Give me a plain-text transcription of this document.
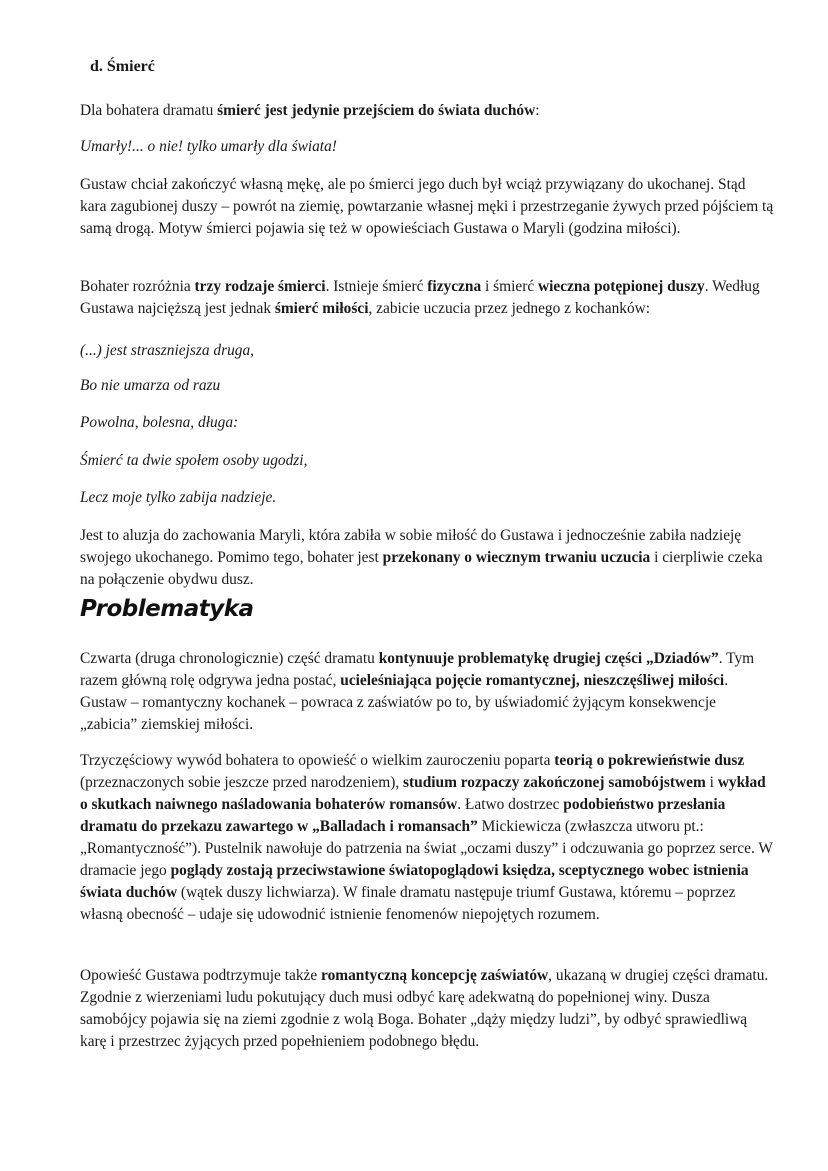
d. Śmierć

Dla bohatera dramatu śmierć jest jedynie przejściem do świata duchów:

Umarły!... o nie! tylko umarły dla świata!

Gustaw chciał zakończyć własną mękę, ale po śmierci jego duch był wciąż przywiązany do ukochanej. Stąd kara zagubionej duszy – powrót na ziemię, powtarzanie własnej męki i przestrzeganie żywych przed pójściem tą samą drogą. Motyw śmierci pojawia się też w opowieściach Gustawa o Maryli (godzina miłości).

Bohater rozróżnia trzy rodzaje śmierci. Istnieje śmierć fizyczna i śmierć wieczna potępionej duszy. Według Gustawa najcięższą jest jednak śmierć miłości, zabicie uczucia przez jednego z kochanków:

(...) jest straszniejsza druga,

Bo nie umarza od razu

Powolna, bolesna, długa:

Śmierć ta dwie społem osoby ugodzi,

Lecz moje tylko zabija nadzieje.

Jest to aluzja do zachowania Maryli, która zabiła w sobie miłość do Gustawa i jednocześnie zabiła nadzieję swojego ukochanego. Pomimo tego, bohater jest przekonany o wiecznym trwaniu uczucia i cierpliwie czeka na połączenie obydwu dusz.

Problematyka

Czwarta (druga chronologicznie) część dramatu kontynuuje problematykę drugiej części „Dziadów”. Tym razem główną rolę odgrywa jedna postać, ucieleśniająca pojęcie romantycznej, nieszczęśliwej miłości. Gustaw – romantyczny kochanek – powraca z zaświatów po to, by uświadomić żyjącym konsekwencje „zabicia” ziemskiej miłości.

Trzyczęściowy wywód bohatera to opowieść o wielkim zauroczeniu poparta teorią o pokrewieństwie dusz (przeznaczonych sobie jeszcze przed narodzeniem), studium rozpaczy zakończonej samobójstwem i wykład o skutkach naiwnego naśladowania bohaterów romansów. Łatwo dostrzec podobieństwo przesłania dramatu do przekazu zawartego w „Balladach i romansach” Mickiewicza (zwłaszcza utworu pt.: „Romantyczność”). Pustelnik nawołuje do patrzenia na świat „oczami duszy” i odczuwania go poprzez serce. W dramacie jego poglądy zostają przeciwstawione światopoglądowi księdza, sceptycznego wobec istnienia świata duchów (wątek duszy lichwiarza). W finale dramatu następuje triumf Gustawa, któremu – poprzez własną obecność – udaje się udowodnić istnienie fenomenów niepojętych rozumem.

Opowieść Gustawa podtrzymuje także romantyczną koncepcję zaświatów, ukazaną w drugiej części dramatu. Zgodnie z wierzeniami ludu pokutujący duch musi odbyć karę adekwatną do popełnionej winy. Dusza samobójcy pojawia się na ziemi zgodnie z wolą Boga. Bohater „dąży między ludzi”, by odbyć sprawiedliwą karę i przestrzec żyjących przed popełnieniem podobnego błędu.
